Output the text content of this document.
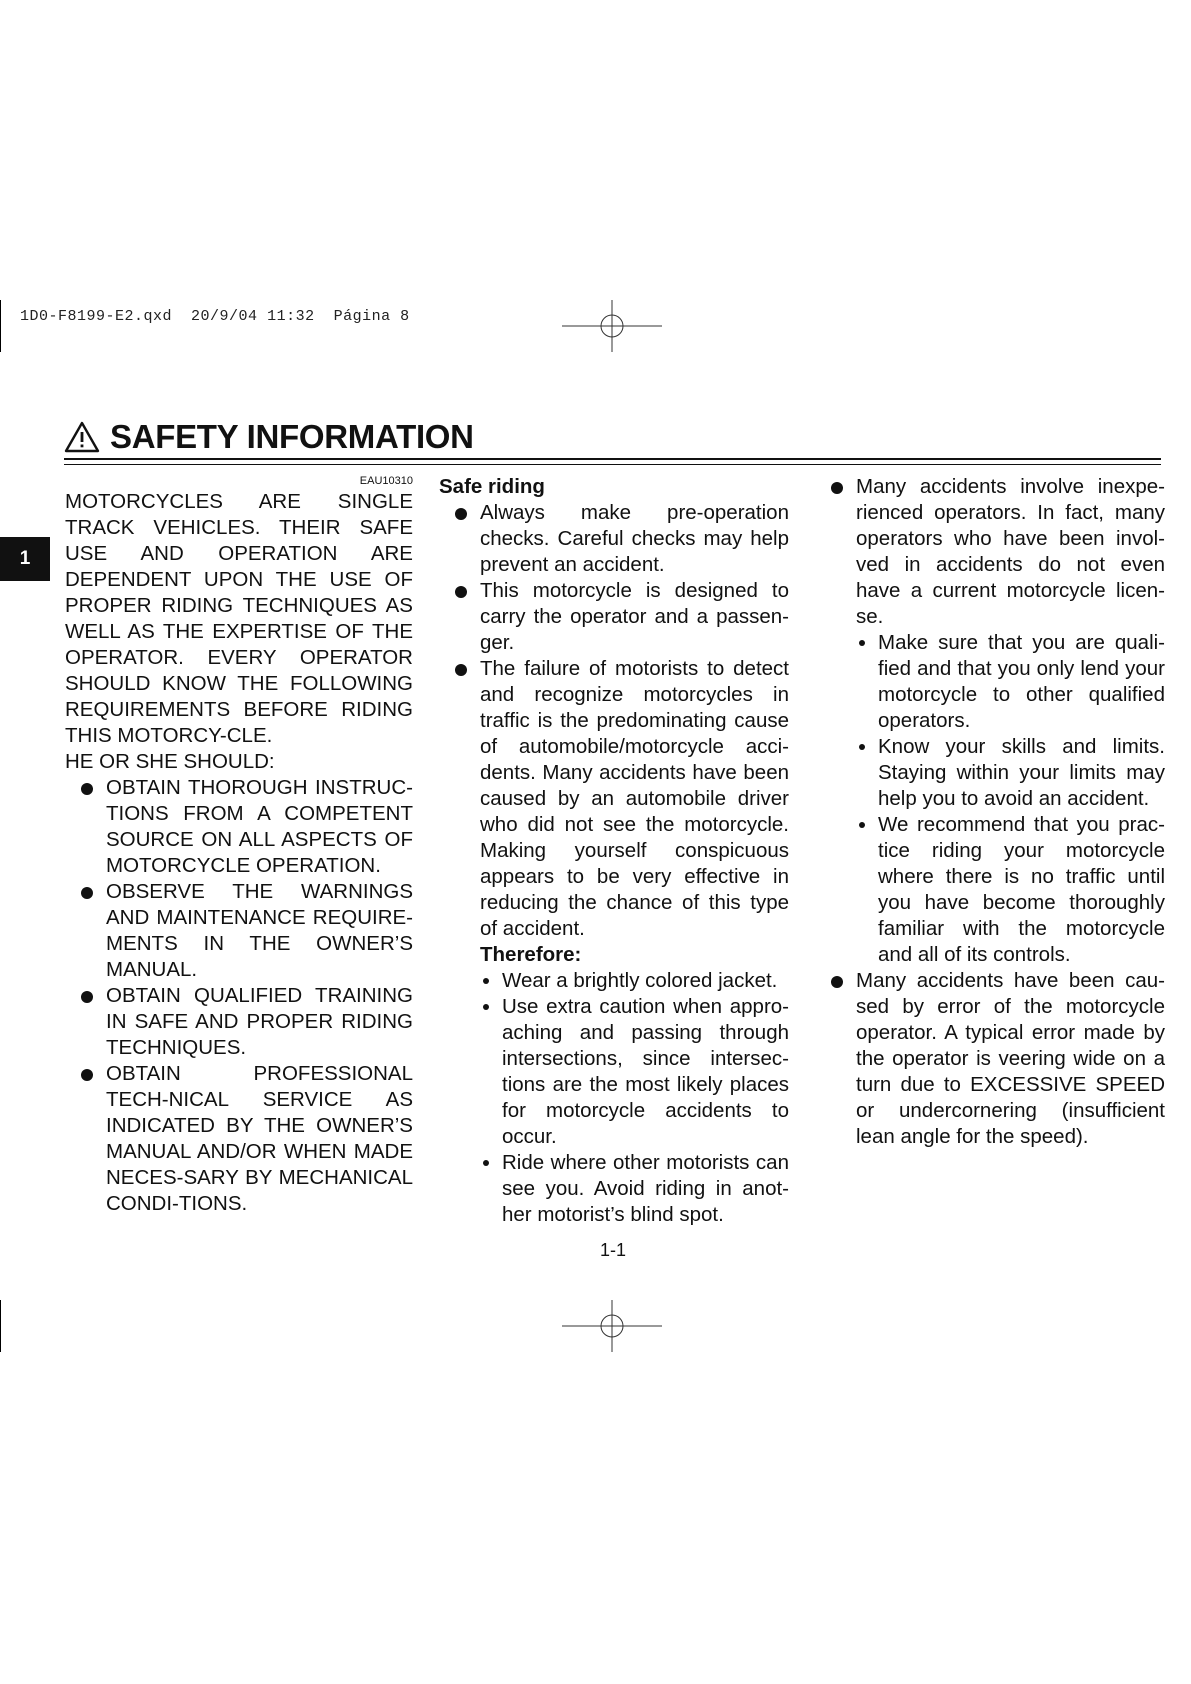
1D0-F8199-E2.qxd 20/9/04 11:32 Página 8
SAFETY INFORMATION
1
EAU10310

MOTORCYCLES ARE SINGLE TRACK VEHICLES. THEIR SAFE USE AND OPERATION ARE DEPENDENT UPON THE USE OF PROPER RIDING TECHNIQUES AS WELL AS THE EXPERTISE OF THE OPERATOR. EVERY OPERATOR SHOULD KNOW THE FOLLOWING REQUIREMENTS BEFORE RIDING THIS MOTORCY-CLE.

HE OR SHE SHOULD:

OBTAIN THOROUGH INSTRUC-TIONS FROM A COMPETENT SOURCE ON ALL ASPECTS OF MOTORCYCLE OPERATION.
OBSERVE THE WARNINGS AND MAINTENANCE REQUIRE-MENTS IN THE OWNER’S MANUAL.
OBTAIN QUALIFIED TRAINING IN SAFE AND PROPER RIDING TECHNIQUES.
OBTAIN PROFESSIONAL TECH-NICAL SERVICE AS INDICATED BY THE OWNER’S MANUAL AND/OR WHEN MADE NECES-SARY BY MECHANICAL CONDI-TIONS.

Safe riding

Always make pre-operation checks. Careful checks may help prevent an accident.
This motorcycle is designed to carry the operator and a passen-ger.
The failure of motorists to detect and recognize motorcycles in traffic is the predominating cause of automobile/motorcycle acci-dents. Many accidents have been caused by an automobile driver who did not see the motorcycle. Making yourself conspicuous appears to be very effective in reducing the chance of this type of accident.
Therefore:
Wear a brightly colored jacket.
Use extra caution when appro-aching and passing through intersections, since intersec-tions are the most likely places for motorcycle accidents to occur.
Ride where other motorists can see you. Avoid riding in anot-her motorist’s blind spot.
Many accidents involve inexpe-rienced operators. In fact, many operators who have been invol-ved in accidents do not even have a current motorcycle licen-se.
Make sure that you are quali-fied and that you only lend your motorcycle to other qualified operators.
Know your skills and limits. Staying within your limits may help you to avoid an accident.
We recommend that you prac-tice riding your motorcycle where there is no traffic until you have become thoroughly familiar with the motorcycle and all of its controls.
Many accidents have been cau-sed by error of the motorcycle operator. A typical error made by the operator is veering wide on a turn due to EXCESSIVE SPEED or undercornering (insufficient lean angle for the speed).
1-1
